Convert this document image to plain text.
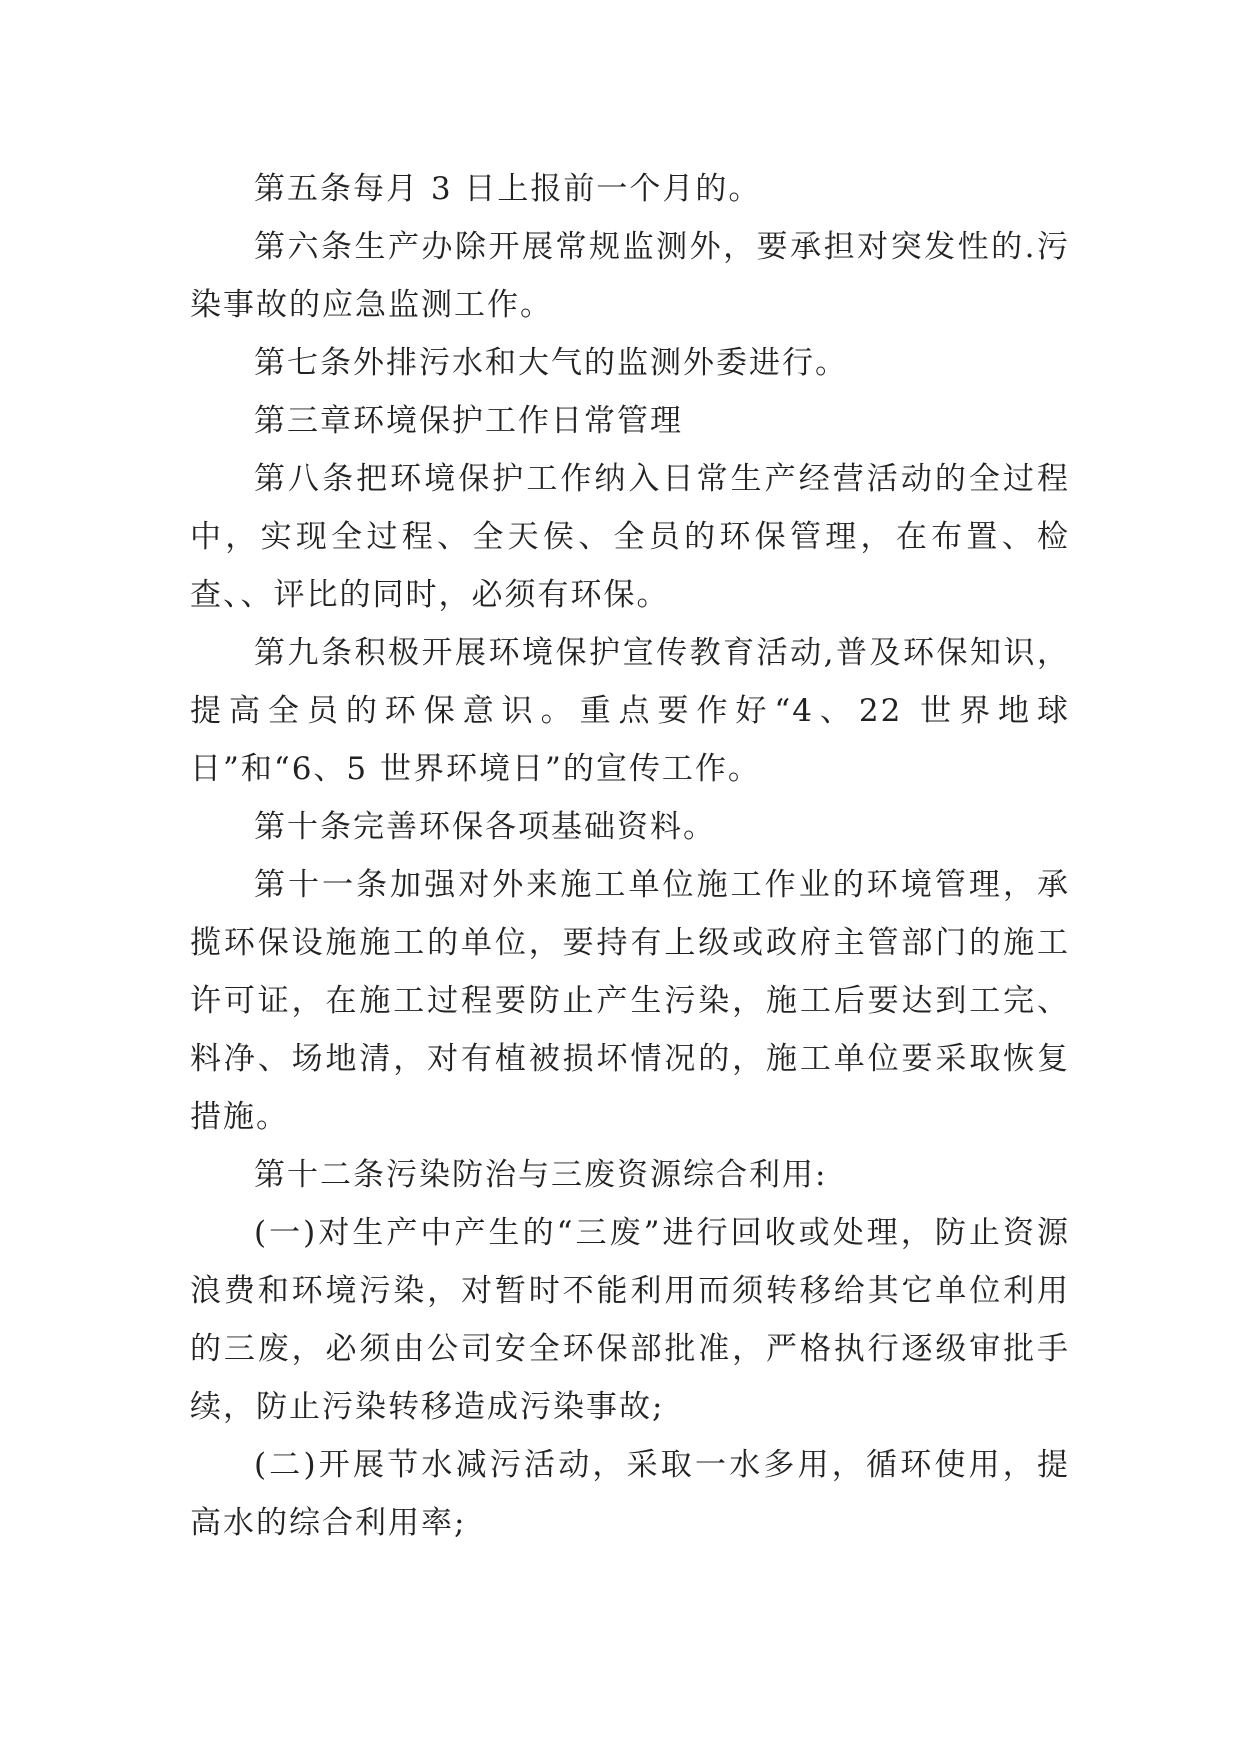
第五条每月 3 日上报前一个月的。

第六条生产办除开展常规监测外，要承担对突发性的.污染事故的应急监测工作。

第七条外排污水和大气的监测外委进行。

第三章环境保护工作日常管理

第八条把环境保护工作纳入日常生产经营活动的全过程中，实现全过程、全天侯、全员的环保管理，在布置、检查、、评比的同时，必须有环保。

第九条积极开展环境保护宣传教育活动,普及环保知识，提高全员的环保意识。重点要作好“4、22 世界地球日”和“6、5 世界环境日”的宣传工作。

第十条完善环保各项基础资料。

第十一条加强对外来施工单位施工作业的环境管理，承揽环保设施施工的单位，要持有上级或政府主管部门的施工许可证，在施工过程要防止产生污染，施工后要达到工完、料净、场地清，对有植被损坏情况的，施工单位要采取恢复措施。

第十二条污染防治与三废资源综合利用:

(一)对生产中产生的“三废”进行回收或处理，防止资源浪费和环境污染，对暂时不能利用而须转移给其它单位利用的三废，必须由公司安全环保部批准，严格执行逐级审批手续，防止污染转移造成污染事故;

(二)开展节水减污活动，采取一水多用，循环使用，提高水的综合利用率;
